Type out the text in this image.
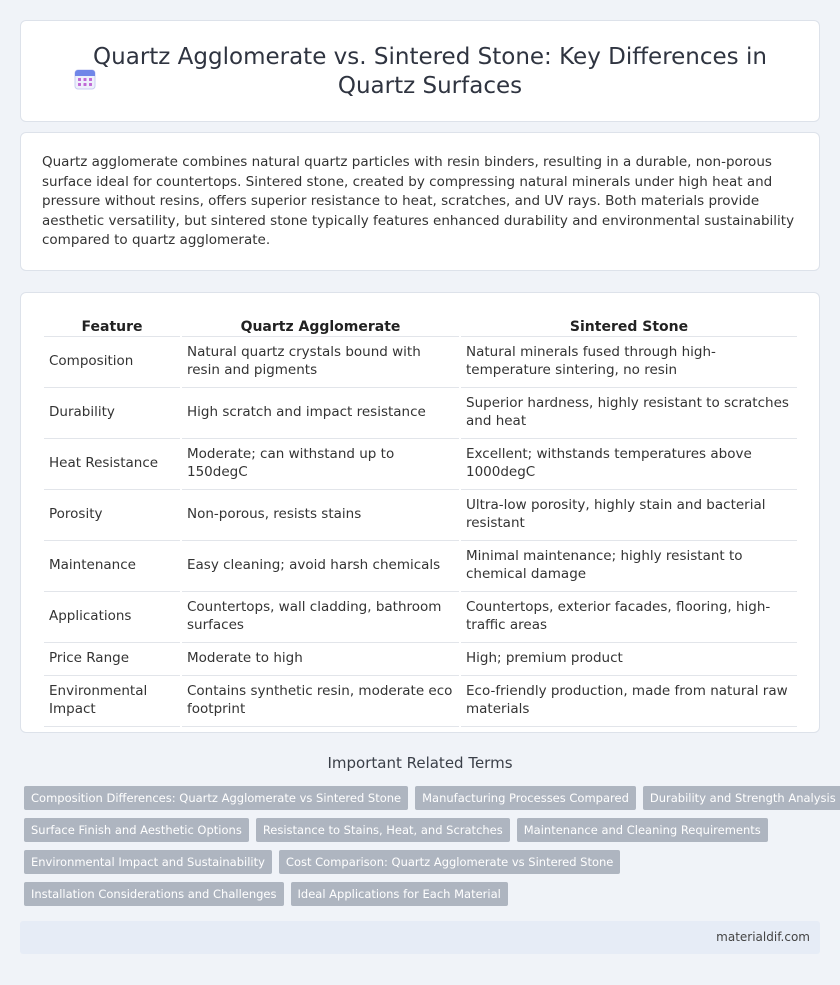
Quartz Agglomerate vs. Sintered Stone: Key Differences in Quartz Surfaces

Quartz agglomerate combines natural quartz particles with resin binders, resulting in a durable, non-porous surface ideal for countertops. Sintered stone, created by compressing natural minerals under high heat and pressure without resins, offers superior resistance to heat, scratches, and UV rays. Both materials provide aesthetic versatility, but sintered stone typically features enhanced durability and environmental sustainability compared to quartz agglomerate.

Feature	Quartz Agglomerate	Sintered Stone
Composition	Natural quartz crystals bound with resin and pigments	Natural minerals fused through high-temperature sintering, no resin
Durability	High scratch and impact resistance	Superior hardness, highly resistant to scratches and heat
Heat Resistance	Moderate; can withstand up to 150degC	Excellent; withstands temperatures above 1000degC
Porosity	Non-porous, resists stains	Ultra-low porosity, highly stain and bacterial resistant
Maintenance	Easy cleaning; avoid harsh chemicals	Minimal maintenance; highly resistant to chemical damage
Applications	Countertops, wall cladding, bathroom surfaces	Countertops, exterior facades, flooring, high-traffic areas
Price Range	Moderate to high	High; premium product
Environmental Impact	Contains synthetic resin, moderate eco footprint	Eco-friendly production, made from natural raw materials
Important Related Terms
Composition Differences: Quartz Agglomerate vs Sintered Stone	Manufacturing Processes Compared	Durability and Strength Analysis
Surface Finish and Aesthetic Options	Resistance to Stains, Heat, and Scratches	Maintenance and Cleaning Requirements
Environmental Impact and Sustainability	Cost Comparison: Quartz Agglomerate vs Sintered Stone
Installation Considerations and Challenges	Ideal Applications for Each Material
materialdif.com
